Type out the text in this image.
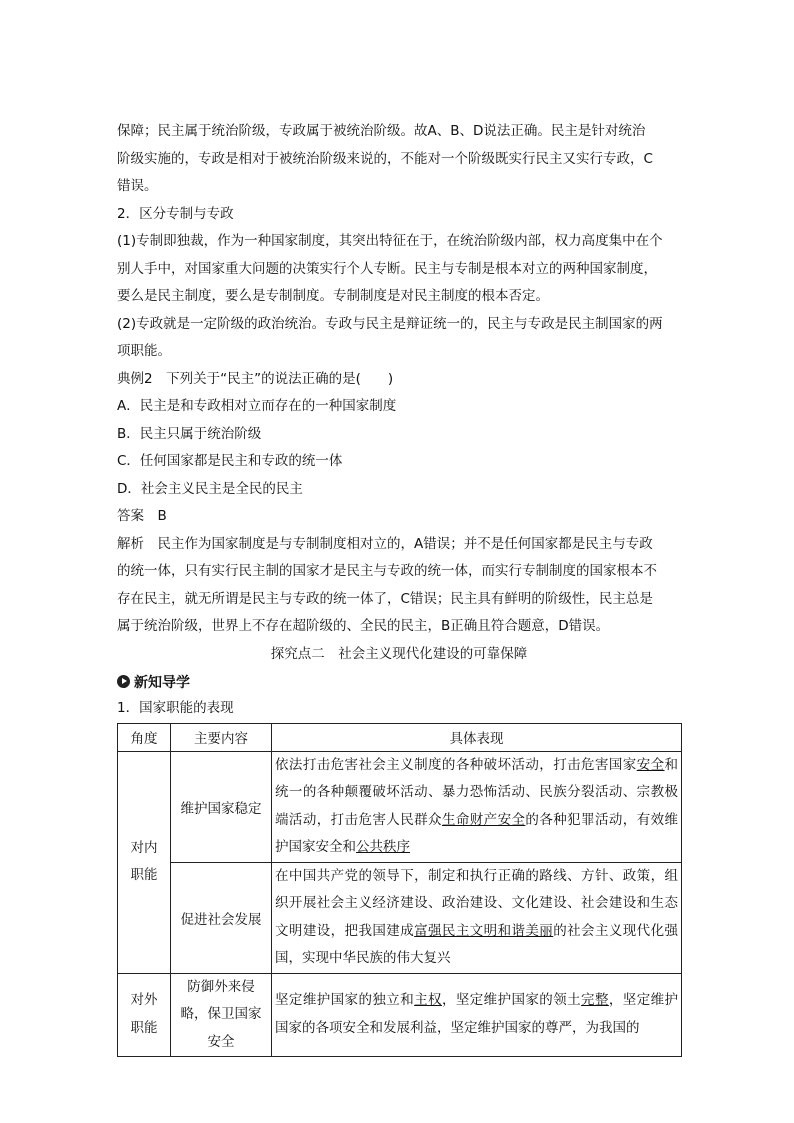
保障；民主属于统治阶级，专政属于被统治阶级。故A、B、D说法正确。民主是针对统治

阶级实施的，专政是相对于被统治阶级来说的，不能对一个阶级既实行民主又实行专政，C

错误。

2．区分专制与专政

(1)专制即独裁，作为一种国家制度，其突出特征在于，在统治阶级内部，权力高度集中在个

别人手中，对国家重大问题的决策实行个人专断。民主与专制是根本对立的两种国家制度，

要么是民主制度，要么是专制制度。专制制度是对民主制度的根本否定。

(2)专政就是一定阶级的政治统治。专政与民主是辩证统一的，民主与专政是民主制国家的两

项职能。

典例2　 下列关于“民主”的说法正确的是(　　)

A．民主是和专政相对立而存在的一种国家制度

B．民主只属于统治阶级

C．任何国家都是民主和专政的统一体

D．社会主义民主是全民的民主

答案　 B

解析　 民主作为国家制度是与专制制度相对立的，A错误；并不是任何国家都是民主与专政

的统一体，只有实行民主制的国家才是民主与专政的统一体，而实行专制制度的国家根本不

存在民主，就无所谓是民主与专政的统一体了，C错误；民主具有鲜明的阶级性，民主总是

属于统治阶级，世界上不存在超阶级的、全民的民主，B正确且符合题意，D错误。

探究点二　社会主义现代化建设的可靠保障

新知导学

1．国家职能的表现

角度	主要内容	具体表现
对内职能	维护国家稳定	依法打击危害社会主义制度的各种破坏活动，打击危害国家安全和统一的各种颠覆破坏活动、暴力恐怖活动、民族分裂活动、宗教极端活动，打击危害人民群众生命财产安全的各种犯罪活动，有效维护国家安全和公共秩序
	促进社会发展	在中国共产党的领导下，制定和执行正确的路线、方针、政策，组织开展社会主义经济建设、政治建设、文化建设、社会建设和生态文明建设，把我国建成富强民主文明和谐美丽的社会主义现代化强国，实现中华民族的伟大复兴
对外职能	防御外来侵略，保卫国家安全	坚定维护国家的独立和主权，坚定维护国家的领土完整，坚定维护国家的各项安全和发展利益，坚定维护国家的尊严，为我国的
